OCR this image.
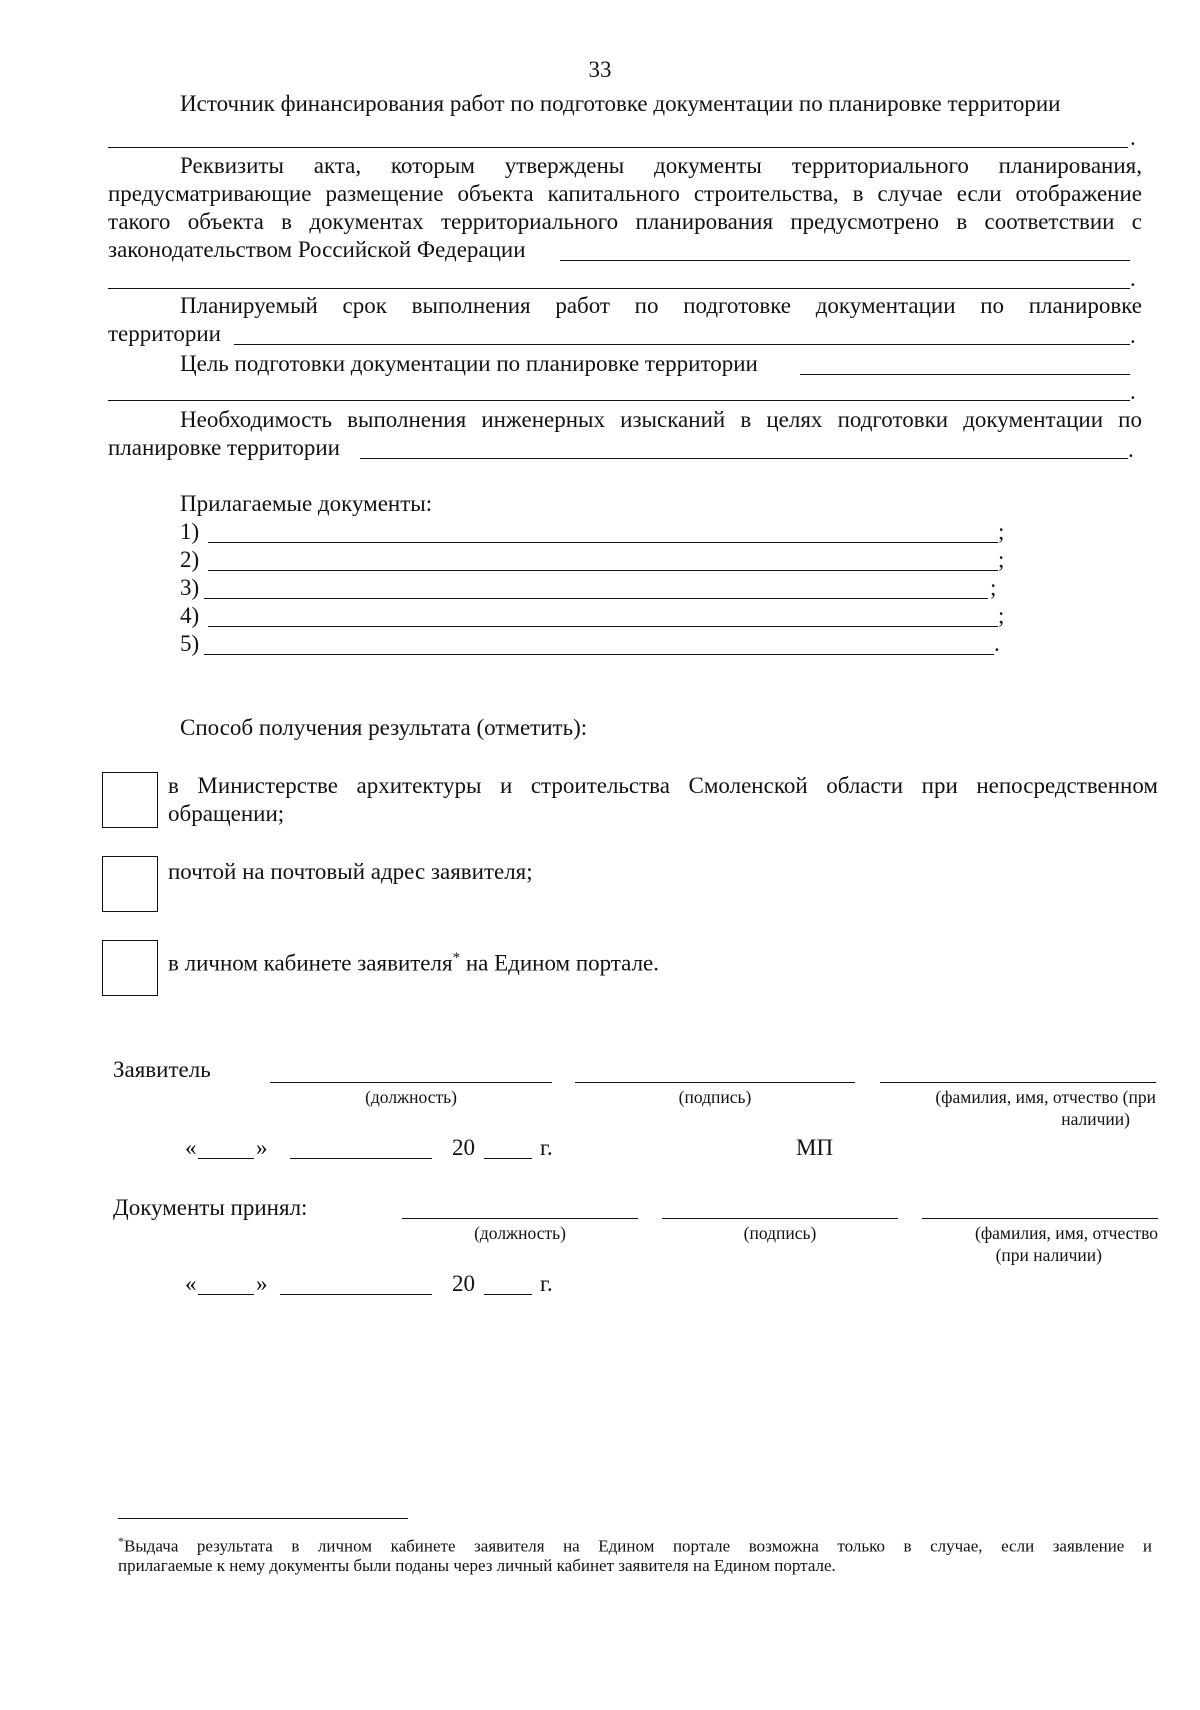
33
Источник финансирования работ по подготовке документации по планировке территории
.
Реквизиты акта, которым утверждены документы территориального планирования,
предусматривающие размещение объекта капитального строительства, в случае если отображение
такого объекта в документах территориального планирования предусмотрено в соответствии с
законодательством Российской Федерации
.
Планируемый срок выполнения работ по подготовке документации по планировке
территории	.
Цель подготовки документации по планировке территории
.
Необходимость выполнения инженерных изысканий в целях подготовки документации по
планировке территории	.
Прилагаемые документы:
1)	;
2)	;
3)	;
4)	;
5)	.
Способ получения результата (отметить):
в Министерстве архитектуры и строительства Смоленской области при непосредственном
обращении;
почтой на почтовый адрес заявителя;
в личном кабинете заявителя* на Едином портале.
Заявитель
(должность)	(подпись)	(фамилия, имя, отчество (при
наличии)
«	»	20	г.	МП
Документы принял:
(должность)	(подпись)	(фамилия, имя, отчество
(при наличии)
«	»	20	г.
*Выдача результата в личном кабинете заявителя на Едином портале возможна только в случае, если заявление и
прилагаемые к нему документы были поданы через личный кабинет заявителя на Едином портале.
